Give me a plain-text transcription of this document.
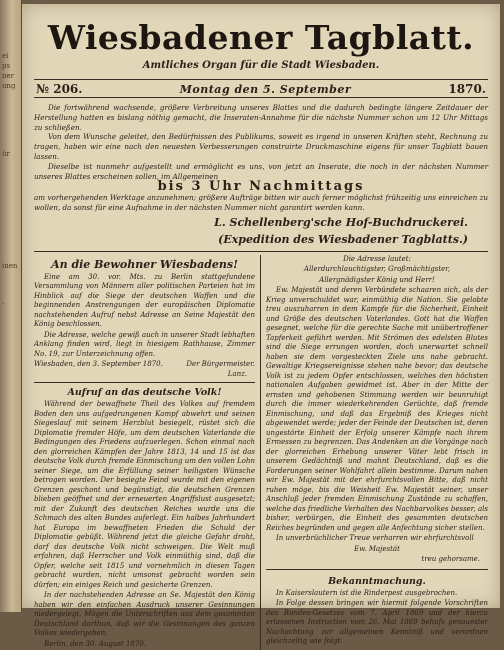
ei
ps
ner
ung
ür
inen
·
Wiesbadener Tagblatt.
Amtliches Organ für die Stadt Wiesbaden.
№ 206.	Montag den 5. September	1870.

Die fortwährend wachsende, größere Verbreitung unseres Blattes und die dadurch bedingte längere Zeitdauer der Herstellung hatten es bislang nöthig gemacht, die Inseraten-Annahme für die nächste Nummer schon um 12 Uhr Mittags zu schließen.

Von dem Wunsche geleitet, den Bedürfnissen des Publikums, soweit es irgend in unseren Kräften steht, Rechnung zu tragen, haben wir eine nach den neuesten Verbesserungen construirte Druckmaschine eigens für unser Tagblatt bauen lassen.

Dieselbe ist nunmehr aufgestellt und ermöglicht es uns, von jetzt an Inserate, die noch in der nächsten Nummer unseres Blattes erscheinen sollen, im Allgemeinen

bis 3 Uhr Nachmittags

am vorhergehenden Werktage anzunehmen; größere Aufträge bitten wir auch ferner möglichst frühzeitig uns einreichen zu wollen, da sonst für eine Aufnahme in der nächsten Nummer nicht garantirt werden kann.

L. Schellenberg'sche Hof-Buchdruckerei.
(Expedition des Wiesbadener Tagblatts.)
An die Bewohner Wiesbadens!

Eine am 30. vor. Mts. zu Berlin stattgefundene Versammlung von Männern aller politischen Parteien hat im Hinblick auf die Siege der deutschen Waffen und die beginnenden Anstrengungen der europäischen Diplomatie nachstehenden Aufruf nebst Adresse an Seine Majestät den König beschlossen.

Die Adresse, welche gewiß auch in unserer Stadt lebhaften Anklang finden wird, liegt in hiesigem Rathhause, Zimmer No. 19, zur Unterzeichnung offen.

Wiesbaden, den 3. September 1870.	Der Bürgermeister.

Lanz.

Aufruf an das deutsche Volk!

Während der bewaffnete Theil des Volkes auf fremdem Boden den uns aufgedrungenen Kampf abwehrt und seinen Siegeslauf mit seinem Herzblut besiegelt, rüstet sich die Diplomatie fremder Höfe, um dem deutschen Vaterlande die Bedingungen des Friedens aufzuerlegen. Schon einmal nach den glorreichen Kämpfen der Jahre 1813, 14 und 15 ist das deutsche Volk durch fremde Einmischung um den vollen Lohn seiner Siege, um die Erfüllung seiner heiligsten Wünsche betrogen worden. Der besiegte Feind wurde mit den eigenen Grenzen geschont und begünstigt, die deutschen Grenzen blieben geöffnet und der erneuerten Angriffslust ausgesetzt; mit der Zukunft des deutschen Reiches wurde uns die Schmach des alten Bundes auferlegt. Ein halbes Jahrhundert hat Europa im bewaffneten Frieden die Schuld der Diplomatie gebüßt. Während jetzt die gleiche Gefahr droht, darf das deutsche Volk nicht schweigen. Die Welt muß erfahren, daß Herrscher und Volk einmüthig sind, daß die Opfer, welche seit 1815 und vornehmlich in diesen Tagen gebracht wurden, nicht umsonst gebracht worden sein dürfen; ein einiges Reich und gesicherte Grenzen.

In der nachstehenden Adresse an Se. Majestät den König haben wir den einfachen Ausdruck unserer Gesinnungen niedergelegt. Mögen die Unterschriften aus dem gesammten Deutschland darthun, daß wir die Gesinnungen des ganzen Volkes wiedergeben.

Berlin, den 30. August 1870.

Die Adresse lautet:

Allerdurchlauchtigster, Großmächtigster,

Allergnädigster König und Herr!

Ew. Majestät und deren Verbündete schaaren sich, als der Krieg unverschuldet war, einmüthig die Nation. Sie gelobte treu auszuharren in dem Kampfe für die Sicherheit, Einheit und Größe des deutschen Vaterlandes. Gott hat die Waffen gesegnet, welche für die gerechte Sache mit unübertroffener Tapferkeit geführt werden. Mit Strömen des edelsten Blutes sind die Siege errungen worden, doch unerwartet schnell haben sie dem vorgesteckten Ziele uns nahe gebracht. Gewaltige Kriegsereignisse stehen nahe bevor; das deutsche Volk ist zu jedem Opfer entschlossen, welches den höchsten nationalen Aufgaben gewidmet ist. Aber in der Mitte der ernsten und gehobenen Stimmung werden wir beunruhigt durch die immer wiederkehrenden Gerüchte, daß fremde Einmischung, und daß das Ergebniß des Krieges nicht abgewendet werde; jeder der Feinde der Deutschen ist, deren ungestörte Einheit der Erfolg unserer Kämpfe nach ihrem Ermessen zu begrenzen. Das Andenken an die Vorgänge nach der glorreichen Erhebung unserer Väter lebt frisch in unserem Gedächtniß und mahnt Deutschland, daß es die Forderungen seiner Wohlfahrt allein bestimme. Darum nahen wir Ew. Majestät mit der ehrfurchtsvollen Bitte, daß nicht ruhen möge, bis die Weisheit Ew. Majestät seiner, unser Anschluß jeder fremden Einmischung Zustände zu schaffen, welche das friedliche Verhalten des Nachbarvolkes besser, als bisher, verbürgen, die Einheit des gesammten deutschen Reiches begründen und gegen alle Anfechtung sicher stellen.

In unverbrüchlicher Treue verharren wir ehrfurchtsvoll

Ew. Majestät

treu gehorsame.

Bekanntmachung.

In Kaiserslautern ist die Rinderpest ausgebrochen.

In Folge dessen bringen wir hiermit folgende Vorschriften des Bundes-Gesetzes vom 7. April 1869 und der hierzu erlassenen Instruction vom 26. Mai 1869 behufs genauester Nachachtung zur allgemeinen Kenntniß und verordnen gleichzeitig wie folgt:
